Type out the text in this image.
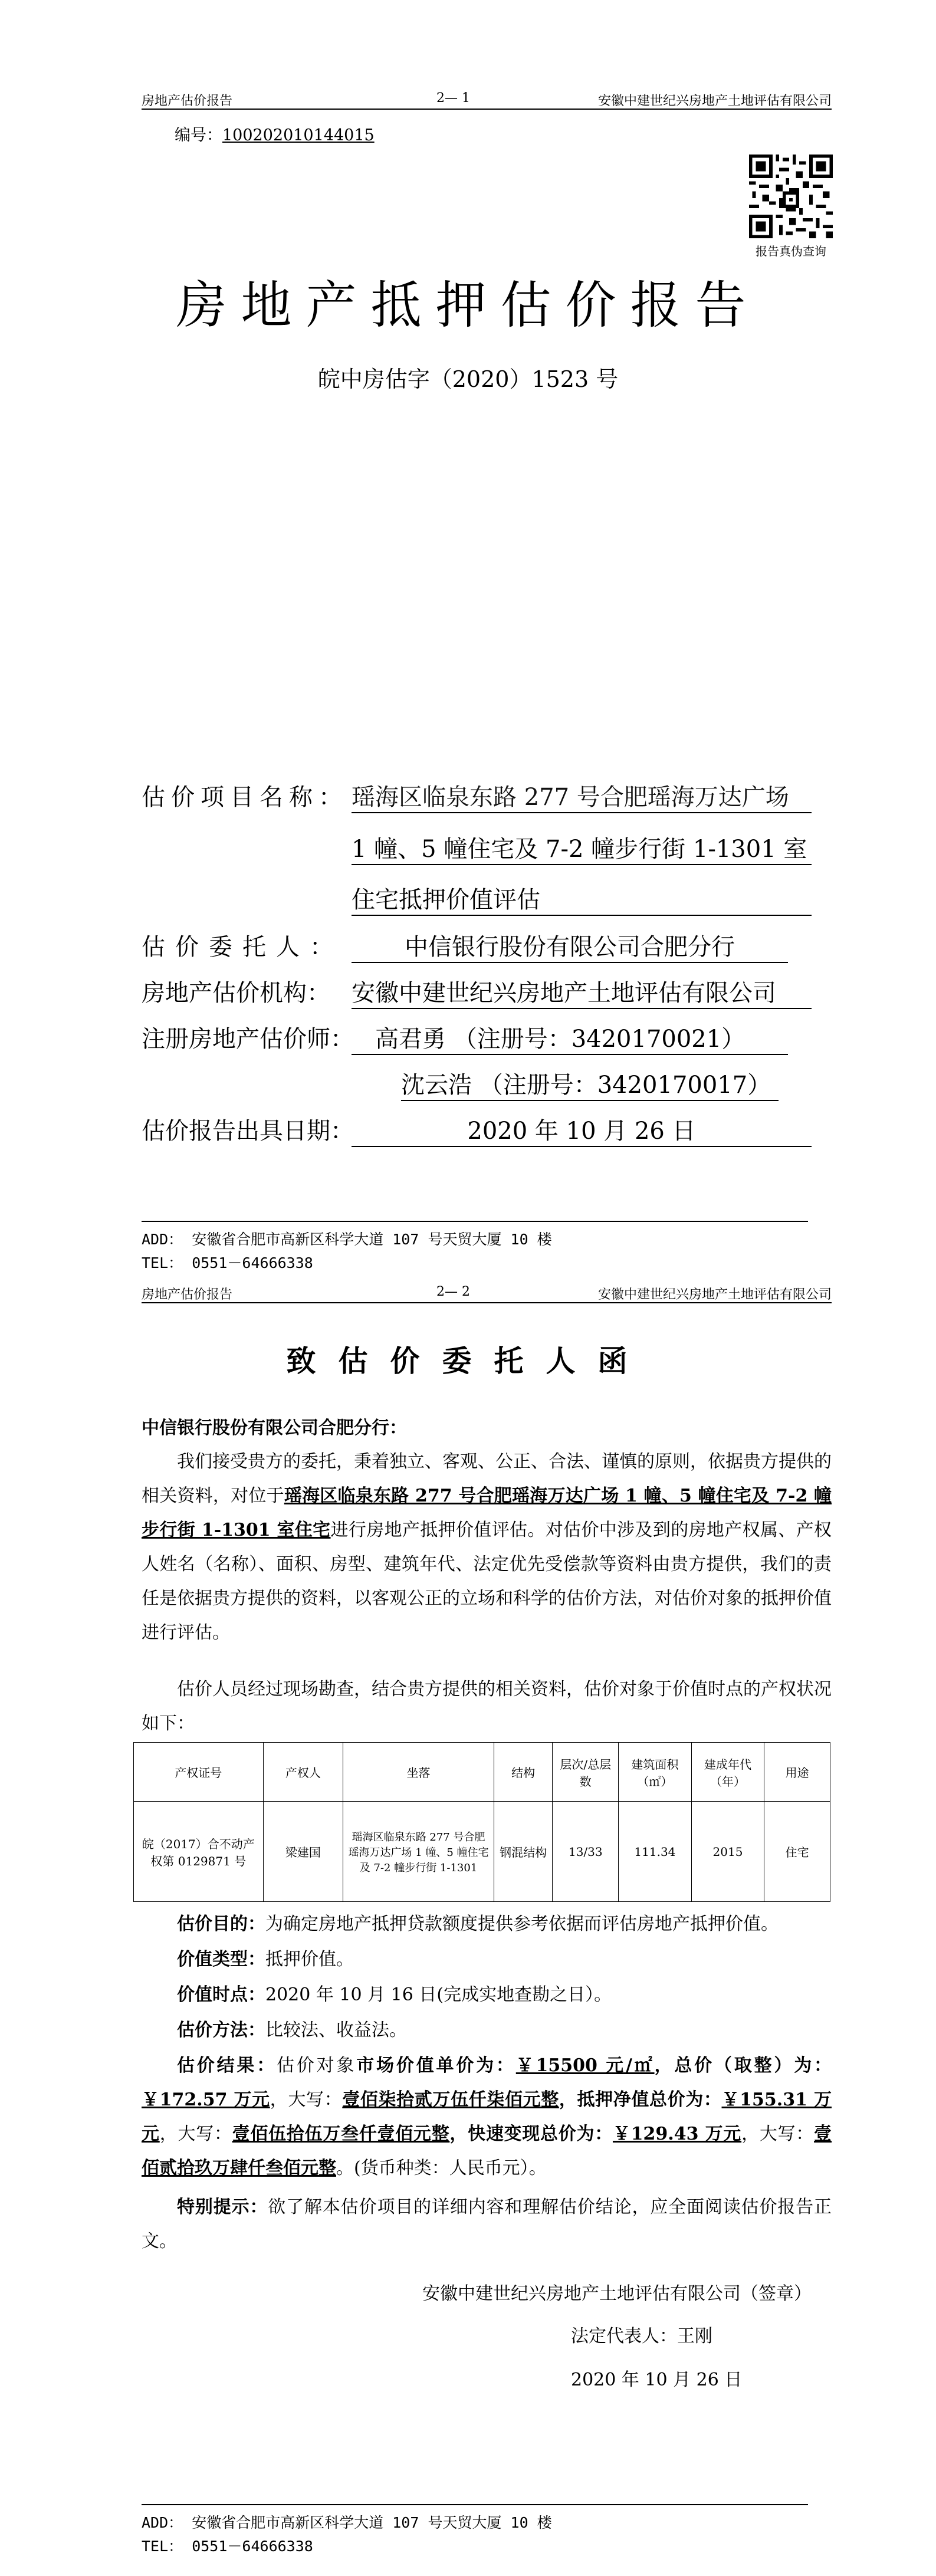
房地产估价报告	2— 1	安徽中建世纪兴房地产土地评估有限公司
编号：100202010144015
报告真伪查询
房地产抵押估价报告
皖中房估字（2020）1523 号
估价项目名称： 瑶海区临泉东路 277 号合肥瑶海万达广场
1 幢、5 幢住宅及 7-2 幢步行街 1-1301 室
住宅抵押价值评估
估价委托人：	中信银行股份有限公司合肥分行
房地产估价机构： 安徽中建世纪兴房地产土地评估有限公司
注册房地产估价师： 高君勇 （注册号：3420170021）
沈云浩 （注册号：3420170017）
估价报告出具日期：	2020 年 10 月 26 日
ADD： 安徽省合肥市高新区科学大道 107 号天贸大厦 10 楼
TEL： 0551－64666338
房地产估价报告	2— 2	安徽中建世纪兴房地产土地评估有限公司
致估价委托人函
中信银行股份有限公司合肥分行：
我们接受贵方的委托，秉着独立、客观、公正、合法、谨慎的原则，依据贵方提供的相关资料，对位于瑶海区临泉东路 277 号合肥瑶海万达广场 1 幢、5 幢住宅及 7-2 幢步行街 1-1301 室住宅进行房地产抵押价值评估。对估价中涉及到的房地产权属、产权人姓名（名称）、面积、房型、建筑年代、法定优先受偿款等资料由贵方提供，我们的责任是依据贵方提供的资料，以客观公正的立场和科学的估价方法，对估价对象的抵押价值进行评估。
估价人员经过现场勘查，结合贵方提供的相关资料，估价对象于价值时点的产权状况如下：
产权证号	产权人	坐落	结构	层次/总层数	建筑面积（㎡）	建成年代（年）	用途
皖（2017）合不动产权第 0129871 号	梁建国	瑶海区临泉东路 277 号合肥瑶海万达广场 1 幢、5 幢住宅及 7-2 幢步行街 1-1301	钢混结构	13/33	111.34	2015	住宅
估价目的：为确定房地产抵押贷款额度提供参考依据而评估房地产抵押价值。
价值类型：抵押价值。
价值时点：2020 年 10 月 16 日(完成实地查勘之日）。
估价方法：比较法、收益法。
估价结果：估价对象市场价值单价为：￥15500 元/㎡，总价（取整）为：￥172.57 万元，大写：壹佰柒拾贰万伍仟柒佰元整，抵押净值总价为：￥155.31 万元，大写：壹佰伍拾伍万叁仟壹佰元整，快速变现总价为：￥129.43 万元，大写：壹佰贰拾玖万肆仟叁佰元整。(货币种类：人民币元）。
特别提示：欲了解本估价项目的详细内容和理解估价结论，应全面阅读估价报告正文。
安徽中建世纪兴房地产土地评估有限公司（签章）
法定代表人：王刚
2020 年 10 月 26 日
ADD： 安徽省合肥市高新区科学大道 107 号天贸大厦 10 楼
TEL： 0551－64666338
